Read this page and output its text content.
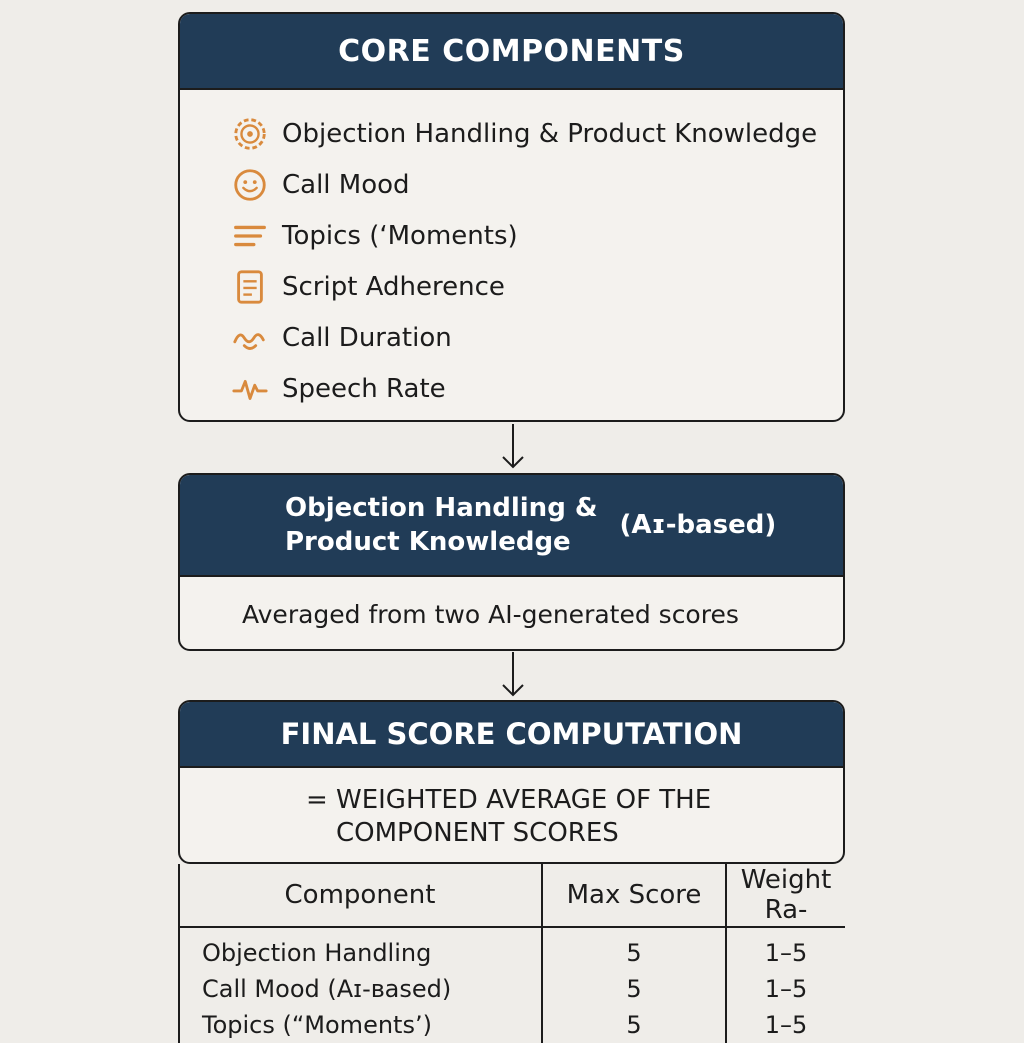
CORE COMPONENTS
Objection Handling & Product Knowledge
Call Mood
Topics (‘Moments)
Script Adherence
Call Duration
Speech Rate
Objection Handling &
Product Knowledge
(Aɪ-based)
Averaged from two AI-generated scores
FINAL SCORE COMPUTATION
= WEIGHTED AVERAGE OF THE
COMPONENT SCORES
Component	Max Score	Weight Ra-
Objection Handling	5	1–5
Call Mood (Aɪ-ʙased)	5	1–5
Topics (“Moments’)	5	1–5
